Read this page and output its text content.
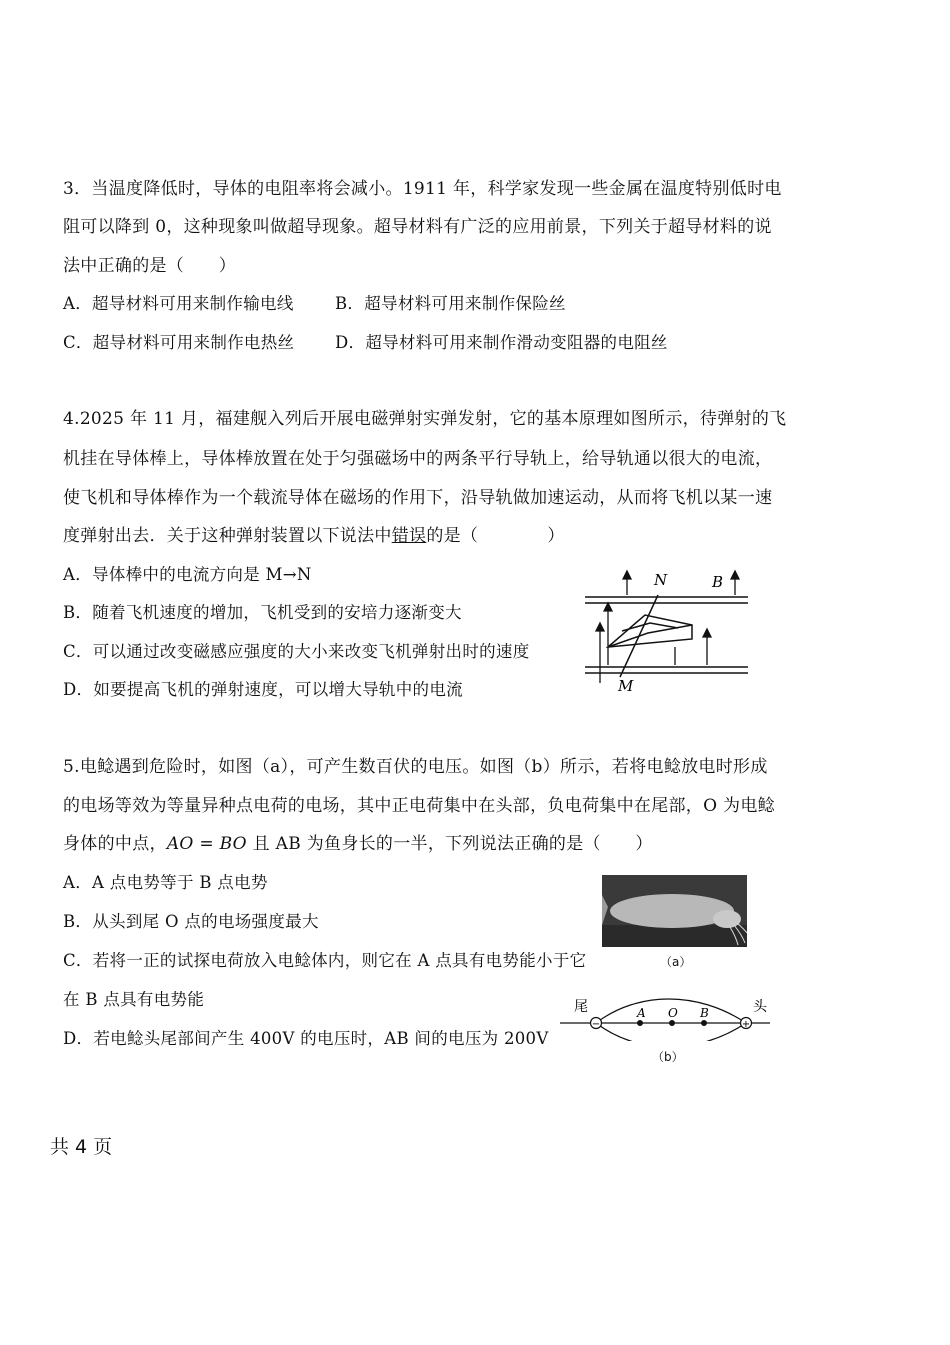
3．当温度降低时，导体的电阻率将会减小。1911 年，科学家发现一些金属在温度特别低时电
阻可以降到 0，这种现象叫做超导现象。超导材料有广泛的应用前景，下列关于超导材料的说
法中正确的是（　　）
A．超导材料可用来制作输电线	B．超导材料可用来制作保险丝
C．超导材料可用来制作电热丝 D．超导材料可用来制作滑动变阻器的电阻丝
4.2025 年 11 月，福建舰入列后开展电磁弹射实弹发射，它的基本原理如图所示，待弹射的飞
机挂在导体棒上，导体棒放置在处于匀强磁场中的两条平行导轨上，给导轨通以很大的电流，
使飞机和导体棒作为一个载流导体在磁场的作用下，沿导轨做加速运动，从而将飞机以某一速
度弹射出去．关于这种弹射装置以下说法中错误的是（　　　　）
A．导体棒中的电流方向是 M→N
B．随着飞机速度的增加，飞机受到的安培力逐渐变大
C．可以通过改变磁感应强度的大小来改变飞机弹射出时的速度
D．如要提高飞机的弹射速度，可以增大导轨中的电流
N	B
M
5.电鲶遇到危险时，如图（a），可产生数百伏的电压。如图（b）所示，若将电鲶放电时形成
的电场等效为等量异种点电荷的电场，其中正电荷集中在头部，负电荷集中在尾部，O 为电鲶
身体的中点，AO = BO 且 AB 为鱼身长的一半，下列说法正确的是（　　）
A．A 点电势等于 B 点电势
B．从头到尾 O 点的电场强度最大
C．若将一正的试探电荷放入电鲶体内，则它在 A 点具有电势能小于它
在 B 点具有电势能
D．若电鲶头尾部间产生 400V 的电压时，AB 间的电压为 200V
（a）
−	+
A O B
尾	头
（b）
共 4 页
